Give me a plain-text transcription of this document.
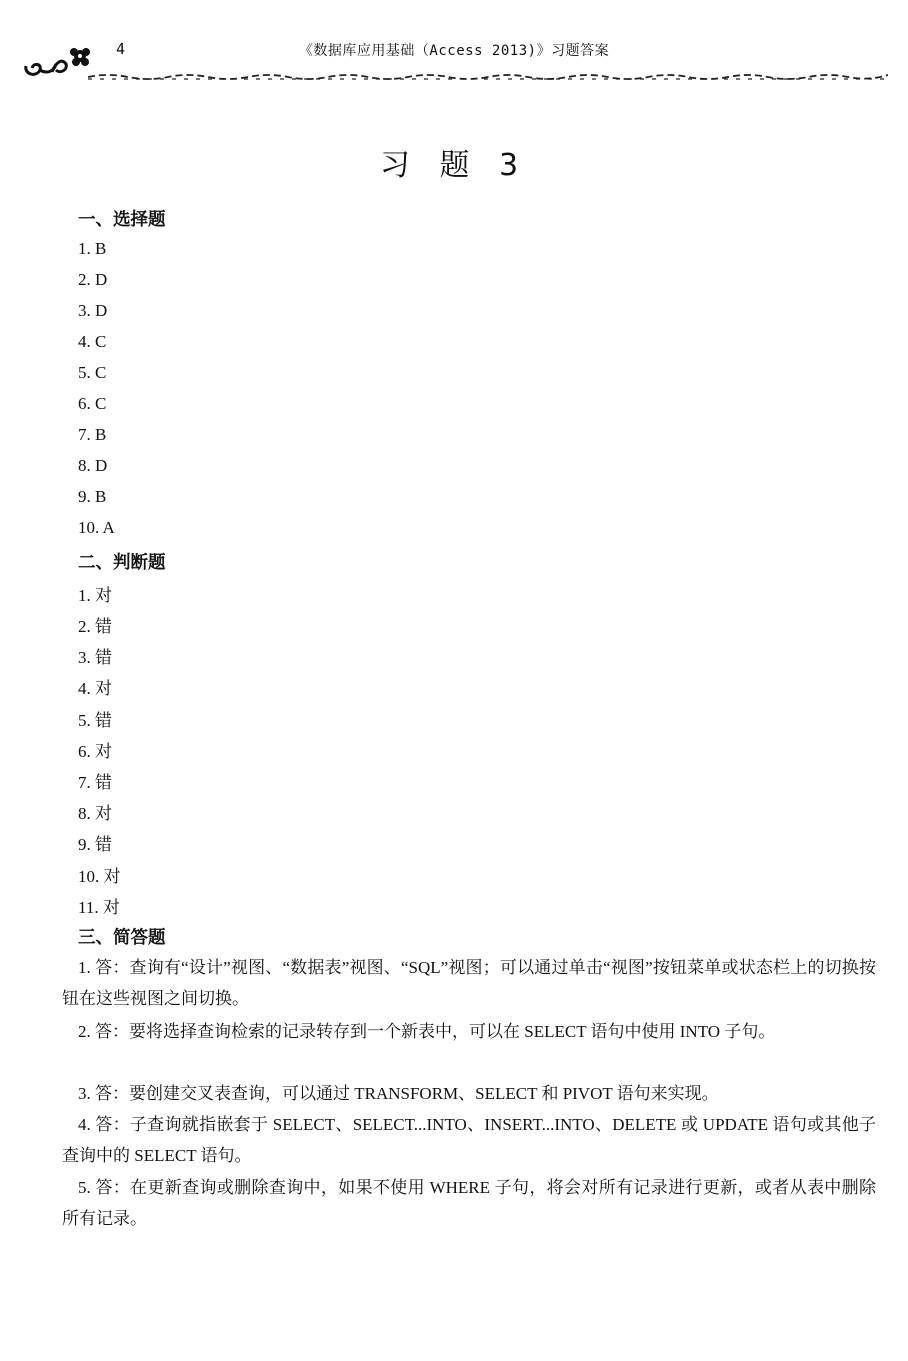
4	《数据库应用基础（Access 2013)》习题答案
习 题 3
一、选择题
1. B
2. D
3. D
4. C
5. C
6. C
7. B
8. D
9. B
10. A
二、判断题
1. 对
2. 错
3. 错
4. 对
5. 错
6. 对
7. 错
8. 对
9. 错
10. 对
11. 对
三、简答题
1. 答：查询有“设计”视图、“数据表”视图、“SQL”视图；可以通过单击“视图”按钮菜单或状态栏上的切换按钮在这些视图之间切换。
2. 答：要将选择查询检索的记录转存到一个新表中，可以在 SELECT 语句中使用 INTO 子句。
3. 答：要创建交叉表查询，可以通过 TRANSFORM、SELECT 和 PIVOT 语句来实现。
4. 答：子查询就指嵌套于 SELECT、SELECT...INTO、INSERT...INTO、DELETE 或 UPDATE 语句或其他子查询中的 SELECT 语句。
5. 答：在更新查询或删除查询中，如果不使用 WHERE 子句，将会对所有记录进行更新，或者从表中删除所有记录。
